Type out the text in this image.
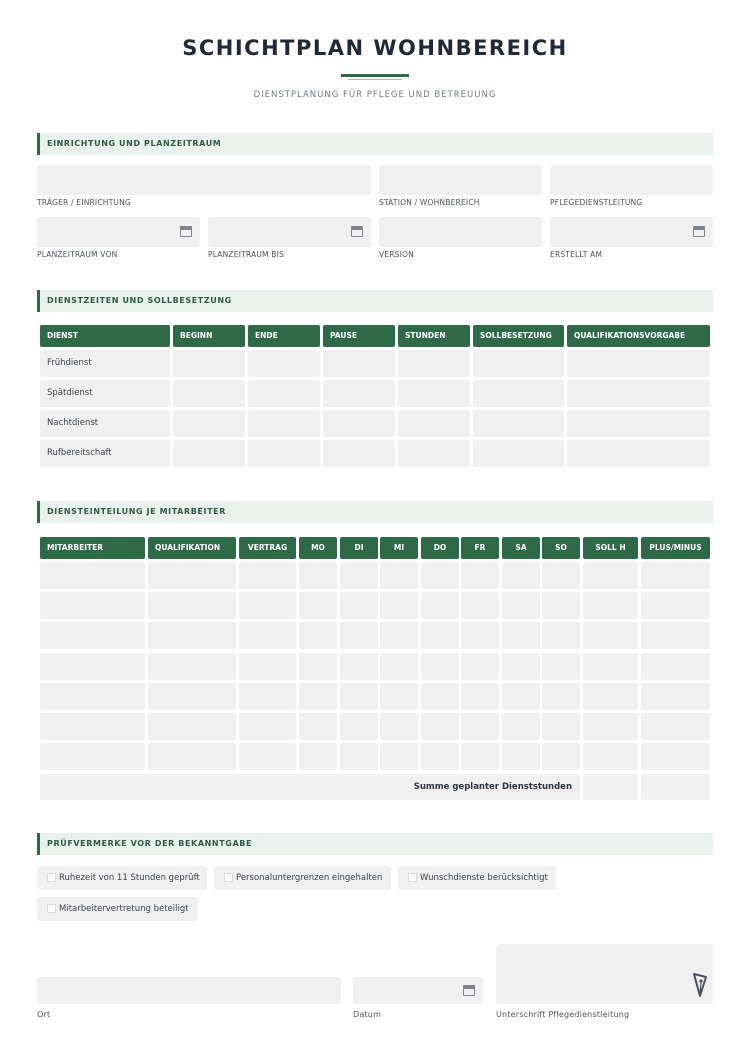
SCHICHTPLAN WOHNBEREICH
DIENSTPLANUNG FÜR PFLEGE UND BETREUUNG
EINRICHTUNG UND PLANZEITRAUM
TRÄGER / EINRICHTUNG	STATION / WOHNBEREICH	PFLEGEDIENSTLEITUNG
PLANZEITRAUM VON	PLANZEITRAUM BIS	VERSION	ERSTELLT AM
DIENSTZEITEN UND SOLLBESETZUNG
DIENST	BEGINN	ENDE	PAUSE	STUNDEN	SOLLBESETZUNG	QUALIFIKATIONSVORGABE
Frühdienst
Spätdienst
Nachtdienst
Rufbereitschaft
DIENSTEINTEILUNG JE MITARBEITER
MITARBEITER	QUALIFIKATION	VERTRAG	MO	DI	MI	DO	FR	SA	SO	SOLL H	PLUS/MINUS
Summe geplanter Dienststunden
PRÜFVERMERKE VOR DER BEKANNTGABE
Ruhezeit von 11 Stunden geprüft	Personaluntergrenzen eingehalten	Wunschdienste berücksichtigt
Mitarbeitervertretung beteiligt
Ort	Datum	Unterschrift Pflegedienstleitung
